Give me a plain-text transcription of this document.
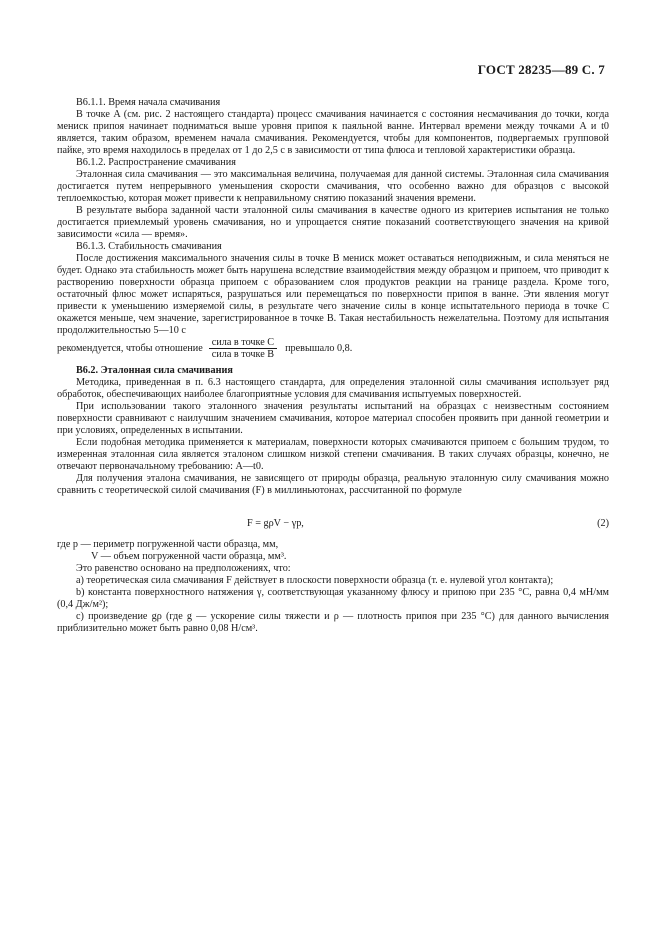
ГОСТ 28235—89 С. 7

В6.1.1. Время начала смачивания

В точке A (см. рис. 2 настоящего стандарта) процесс смачивания начинается с состояния несмачивания до точки, когда мениск припоя начинает подниматься выше уровня припоя к паяльной ванне. Интервал времени между точками A и t0 является, таким образом, временем начала смачивания. Рекомендуется, чтобы для компонентов, подвергаемых групповой пайке, это время находилось в пределах от 1 до 2,5 с в зависимости от типа флюса и тепловой характеристики образца.

В6.1.2. Распространение смачивания

Эталонная сила смачивания — это максимальная величина, получаемая для данной системы. Эталонная сила смачивания достигается путем непрерывного уменьшения скорости смачивания, что особенно важно для образцов с высокой теплоемкостью, которая может привести к неправильному снятию показаний значения времени.

В результате выбора заданной части эталонной силы смачивания в качестве одного из критериев испытания не только достигается приемлемый уровень смачивания, но и упрощается снятие показаний соответствующего значения на кривой зависимости «сила — время».

В6.1.3. Стабильность смачивания

После достижения максимального значения силы в точке B мениск может оставаться неподвижным, и сила меняться не будет. Однако эта стабильность может быть нарушена вследствие взаимодействия между образцом и припоем, что приводит к растворению поверхности образца припоем с образованием слоя продуктов реакции на границе раздела. Кроме того, остаточный флюс может испаряться, разрушаться или перемещаться по поверхности припоя в ванне. Эти явления могут привести к уменьшению измеряемой силы, в результате чего значение силы в конце испытательного периода в точке C окажется меньше, чем значение, зарегистрированное в точке B. Такая нестабильность нежелательна. Поэтому для испытания продолжительностью 5—10 с

рекомендуется, чтобы отношение $\frac{\text{сила в точке C}}{\text{сила в точке B}}$ превышало 0,8.

В6.2. Эталонная сила смачивания

Методика, приведенная в п. 6.3 настоящего стандарта, для определения эталонной силы смачивания использует ряд обработок, обеспечивающих наиболее благоприятные условия для смачивания испытуемых поверхностей.

При использовании такого эталонного значения результаты испытаний на образцах с неизвестным состоянием поверхности сравнивают с наилучшим значением смачивания, которое материал способен проявить при данной геометрии и при условиях, определенных в испытании.

Если подобная методика применяется к материалам, поверхности которых смачиваются припоем с большим трудом, то измеренная эталонная сила является эталоном слишком низкой степени смачивания. В таких случаях образцы, конечно, не отвечают первоначальному требованию: A—t0.

Для получения эталона смачивания, не зависящего от природы образца, реальную эталонную силу смачивания можно сравнить с теоретической силой смачивания (F) в миллиньютонах, рассчитанной по формуле

F = gρV − γp,	(2)

где p — периметр погруженной части образца, мм,

V — объем погруженной части образца, мм³.

Это равенство основано на предположениях, что:

а) теоретическая сила смачивания F действует в плоскости поверхности образца (т. е. нулевой угол контакта);

b) константа поверхностного натяжения γ, соответствующая указанному флюсу и припою при 235 °С, равна 0,4 мН/мм (0,4 Дж/м²);

c) произведение gρ (где g — ускорение силы тяжести и ρ — плотность припоя при 235 °С) для данного вычисления приблизительно может быть равно 0,08 Н/см³.
